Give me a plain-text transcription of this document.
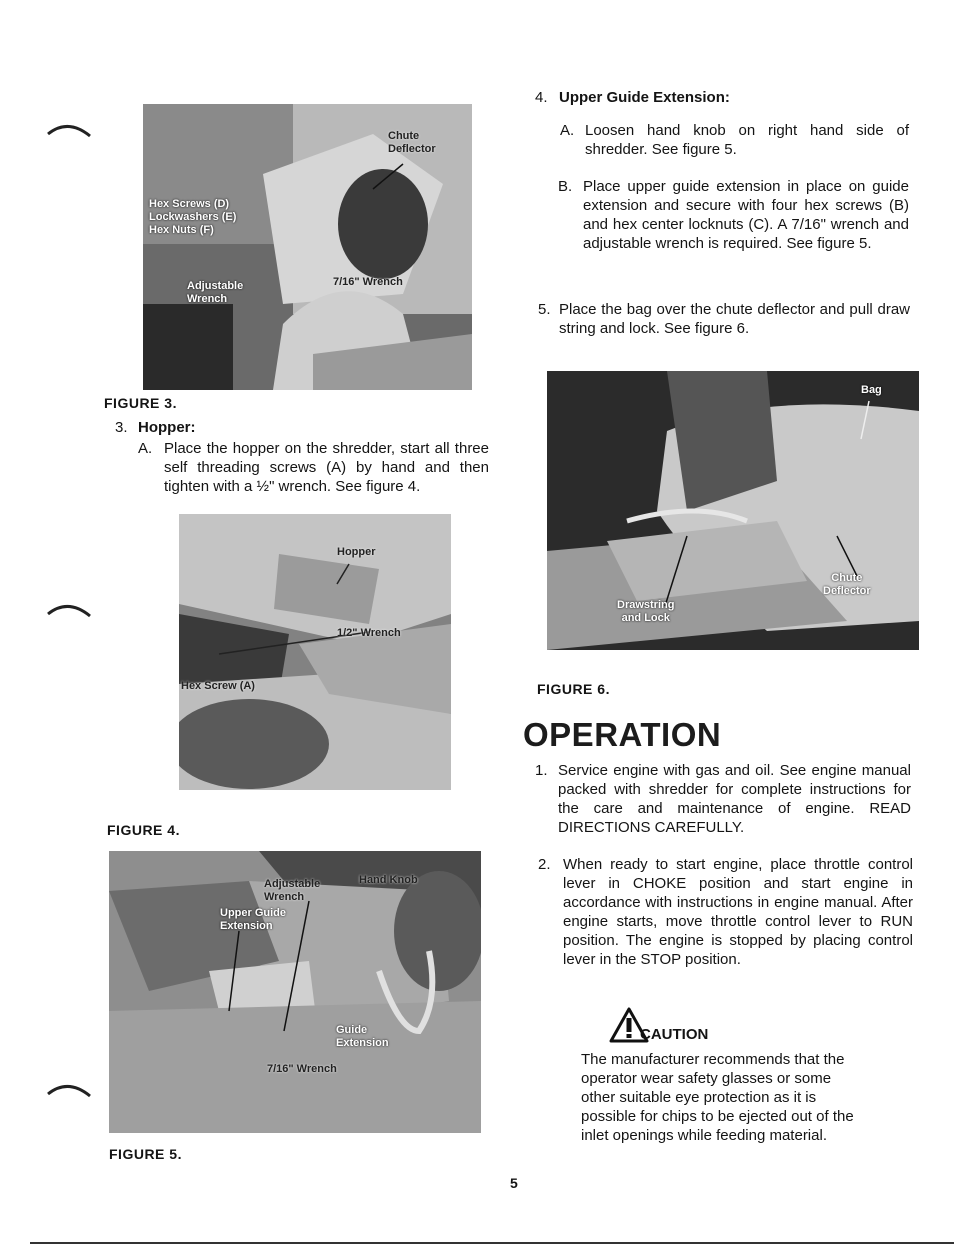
Chute
Deflector
Hex Screws (D)
Lockwashers (E)
Hex Nuts (F)
Adjustable
Wrench
7/16" Wrench
FIGURE 3.
3. Hopper:
A. Place the hopper on the shredder, start all three self threading screws (A) by hand and then tighten with a ½" wrench. See figure 4.
Hopper
1/2" Wrench
Hex Screw (A)
FIGURE 4.
Adjustable
Wrench
Hand Knob
Upper Guide
Extension
Guide
Extension
7/16" Wrench
FIGURE 5.
4. Upper Guide Extension:
A. Loosen hand knob on right hand side of shredder. See figure 5.
B. Place upper guide extension in place on guide extension and secure with four hex screws (B) and hex center locknuts (C). A 7/16" wrench and adjustable wrench is required. See figure 5.
5. Place the bag over the chute deflector and pull draw string and lock. See figure 6.
Bag
Drawstring
and Lock
Chute
Deflector
FIGURE 6.
OPERATION
1. Service engine with gas and oil. See engine manual packed with shredder for complete instructions for the care and maintenance of engine. READ DIRECTIONS CAREFULLY.
2. When ready to start engine, place throttle control lever in CHOKE position and start engine in accordance with instructions in engine manual. After engine starts, move throttle control lever to RUN position. The engine is stopped by placing control lever in the STOP position.
CAUTION
The manufacturer recommends that the operator wear safety glasses or some other suitable eye protection as it is possible for chips to be ejected out of the inlet openings while feeding material.
5
